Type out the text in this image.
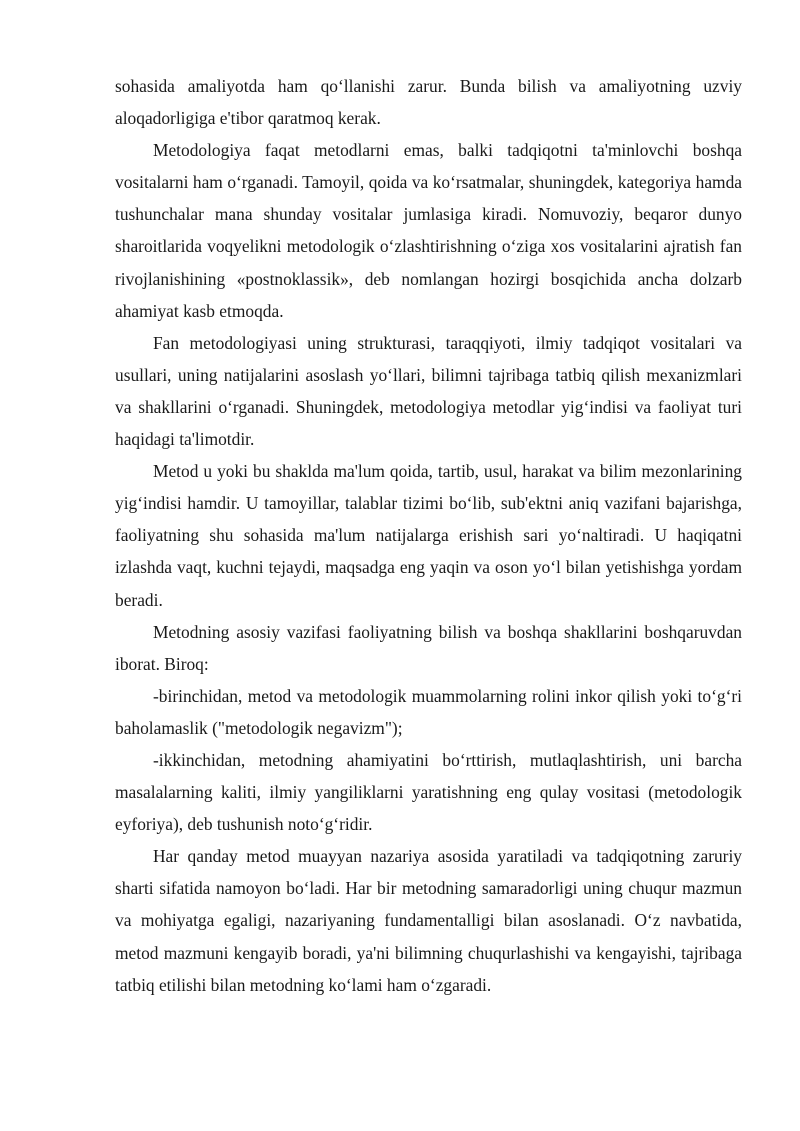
sohasida amaliyotda ham qo‘llanishi zarur. Bunda bilish va amaliyotning uzviy aloqadorligiga e'tibor qaratmoq kerak.

Metodologiya faqat metodlarni emas, balki tadqiqotni ta'minlovchi boshqa vositalarni ham o‘rganadi. Tamoyil, qoida va ko‘rsatmalar, shuningdek, kategoriya hamda tushunchalar mana shunday vositalar jumlasiga kiradi. Nomuvoziy, beqaror dunyo sharoitlarida voqyelikni metodologik o‘zlashtirishning o‘ziga xos vositalarini ajratish fan rivojlanishining «postnoklassik», deb nomlangan hozirgi bosqichida ancha dolzarb ahamiyat kasb etmoqda.

Fan metodologiyasi uning strukturasi, taraqqiyoti, ilmiy tadqiqot vositalari va usullari, uning natijalarini asoslash yo‘llari, bilimni tajribaga tatbiq qilish mexanizmlari va shakllarini o‘rganadi. Shuningdek, metodologiya metodlar yig‘indisi va faoliyat turi haqidagi ta'limotdir.

Metod u yoki bu shaklda ma'lum qoida, tartib, usul, harakat va bilim mezonlarining yig‘indisi hamdir. U tamoyillar, talablar tizimi bo‘lib, sub'ektni aniq vazifani bajarishga, faoliyatning shu sohasida ma'lum natijalarga erishish sari yo‘naltiradi. U haqiqatni izlashda vaqt, kuchni tejaydi, maqsadga eng yaqin va oson yo‘l bilan yetishishga yordam beradi.

Metodning asosiy vazifasi faoliyatning bilish va boshqa shakllarini boshqaruvdan iborat. Biroq:

-birinchidan, metod va metodologik muammolarning rolini inkor qilish yoki to‘g‘ri baholamaslik ("metodologik negavizm");

-ikkinchidan, metodning ahamiyatini bo‘rttirish, mutlaqlashtirish, uni barcha masalalarning kaliti, ilmiy yangiliklarni yaratishning eng qulay vositasi (metodologik eyforiya), deb tushunish noto‘g‘ridir.

Har qanday metod muayyan nazariya asosida yaratiladi va tadqiqotning zaruriy sharti sifatida namoyon bo‘ladi. Har bir metodning samaradorligi uning chuqur mazmun va mohiyatga egaligi, nazariyaning fundamentalligi bilan asoslanadi. O‘z navbatida, metod mazmuni kengayib boradi, ya'ni bilimning chuqurlashishi va kengayishi, tajribaga tatbiq etilishi bilan metodning ko‘lami ham o‘zgaradi.
